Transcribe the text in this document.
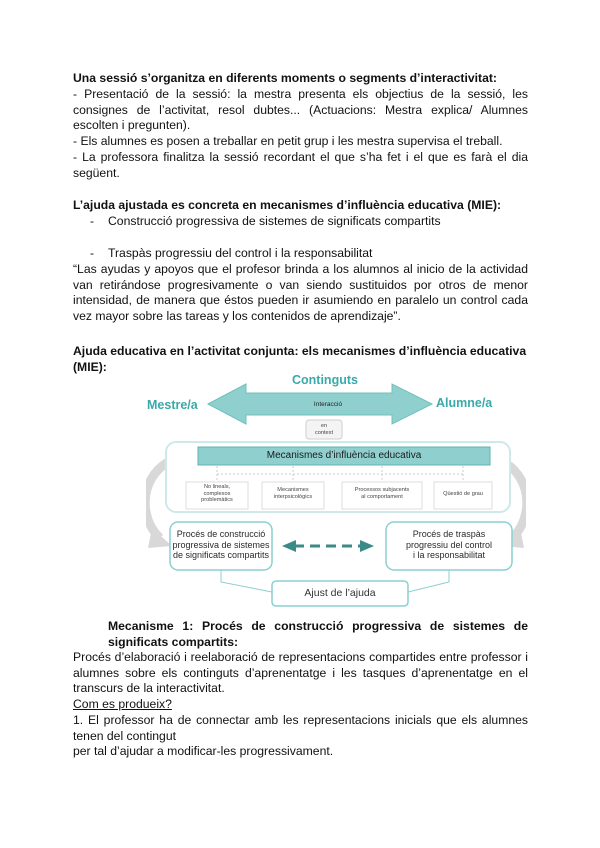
Una sessió s’organitza en diferents moments o segments d’interactivitat:

- Presentació de la sessió: la mestra presenta els objectius de la sessió, les consignes de l’activitat, resol dubtes... (Actuacions: Mestra explica/ Alumnes escolten i pregunten).

- Els alumnes es posen a treballar en petit grup i les mestra supervisa el treball.

- La professora finalitza la sessió recordant el que s’ha fet i el que es farà el dia següent.

L’ajuda ajustada es concreta en mecanismes d’influència educativa (MIE):

- Construcció progressiva de sistemes de significats compartits
- Traspàs progressiu del control i la responsabilitat

“Las ayudas y apoyos que el profesor brinda a los alumnos al inicio de la actividad van retirándose progresivamente o van siendo sustituidos por otros de menor intensidad, de manera que éstos pueden ir asumiendo en paralelo un control cada vez mayor sobre las tareas y los contenidos de aprendizaje”.

Ajuda educativa en l’activitat conjunta: els mecanismes d’influència educativa (MIE):

Continguts
Mestre/a	Alumne/a
Interacció
en
context
Mecanismes d’influència educativa
No lineals,
complexos
problemàtics
Mecanismes
interpsicològics
Processos subjacents
al comportament	Qüestió de grau
Procés de construcció
progressiva de sistemes
de significats compartits
Procés de traspàs
progressiu del control
i la responsabilitat
Ajust de l’ajuda

Mecanisme 1: Procés de construcció progressiva de sistemes de significats compartits:

Procés d’elaboració i reelaboració de representacions compartides entre professor i alumnes sobre els continguts d’aprenentatge i les tasques d’aprenentatge en el transcurs de la interactivitat.

Com es produeix?

1. El professor ha de connectar amb les representacions inicials que els alumnes tenen del contingut

per tal d’ajudar a modificar-les progressivament.
